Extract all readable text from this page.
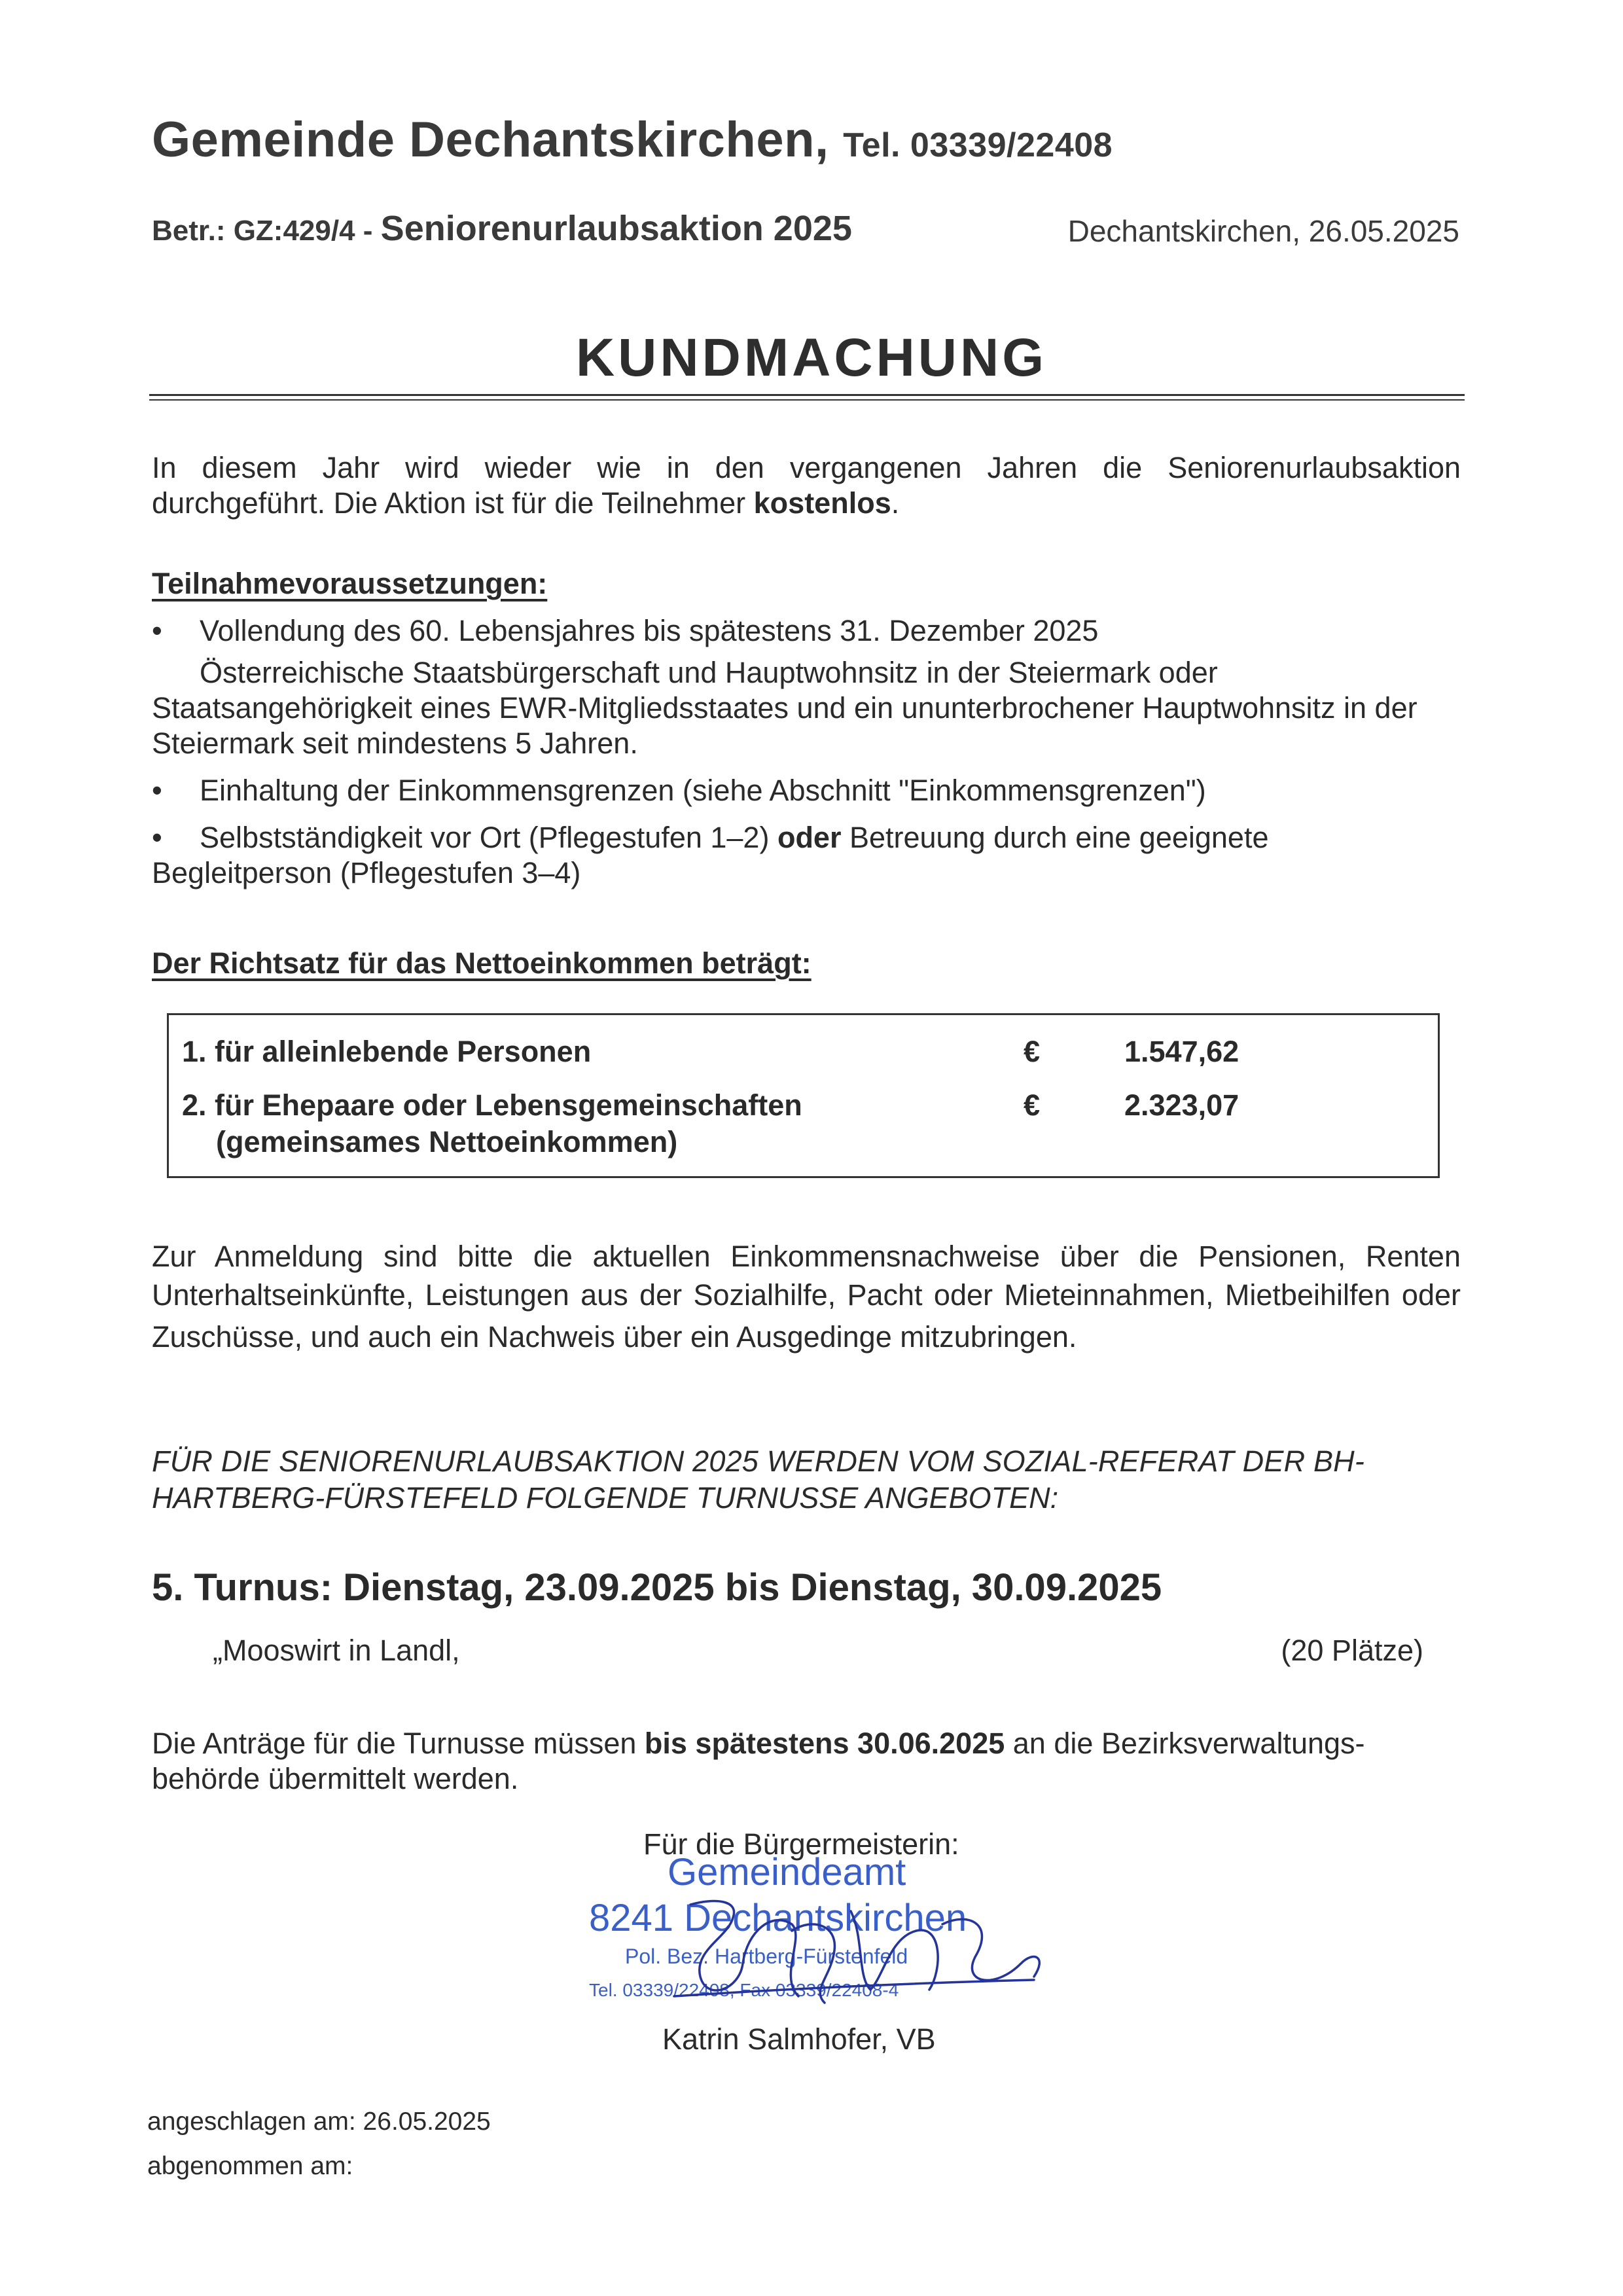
Gemeinde Dechantskirchen, Tel. 03339/22408
Betr.: GZ:429/4 - Seniorenurlaubsaktion 2025	Dechantskirchen, 26.05.2025
KUNDMACHUNG
In diesem Jahr wird wieder wie in den vergangenen Jahren die Seniorenurlaubsaktion
durchgeführt. Die Aktion ist für die Teilnehmer kostenlos.
Teilnahmevoraussetzungen:
• Vollendung des 60. Lebensjahres bis spätestens 31. Dezember 2025
Österreichische Staatsbürgerschaft und Hauptwohnsitz in der Steiermark oder
Staatsangehörigkeit eines EWR-Mitgliedsstaates und ein ununterbrochener Hauptwohnsitz in der
Steiermark seit mindestens 5 Jahren.
• Einhaltung der Einkommensgrenzen (siehe Abschnitt "Einkommensgrenzen")
• Selbstständigkeit vor Ort (Pflegestufen 1–2) oder Betreuung durch eine geeignete
Begleitperson (Pflegestufen 3–4)
Der Richtsatz für das Nettoeinkommen beträgt:
1. für alleinlebende Personen	€	1.547,62
2. für Ehepaare oder Lebensgemeinschaften	€	2.323,07
(gemeinsames Nettoeinkommen)
Zur Anmeldung sind bitte die aktuellen Einkommensnachweise über die Pensionen, Renten
Unterhaltseinkünfte, Leistungen aus der Sozialhilfe, Pacht oder Mieteinnahmen, Mietbeihilfen oder
Zuschüsse, und auch ein Nachweis über ein Ausgedinge mitzubringen.
FÜR DIE SENIORENURLAUBSAKTION 2025 WERDEN VOM SOZIAL-REFERAT DER BH-
HARTBERG-FÜRSTEFELD FOLGENDE TURNUSSE ANGEBOTEN:
5. Turnus: Dienstag, 23.09.2025 bis Dienstag, 30.09.2025
„Mooswirt in Landl,	(20 Plätze)
Die Anträge für die Turnusse müssen bis spätestens 30.06.2025 an die Bezirksverwaltungs-
behörde übermittelt werden.
Für die Bürgermeisterin:
Gemeindeamt
8241 Dechantskirchen
Pol. Bez. Hartberg-Fürstenfeld
Tel. 03339/22408, Fax 03339/22408-4
Katrin Salmhofer, VB
angeschlagen am: 26.05.2025
abgenommen am:
